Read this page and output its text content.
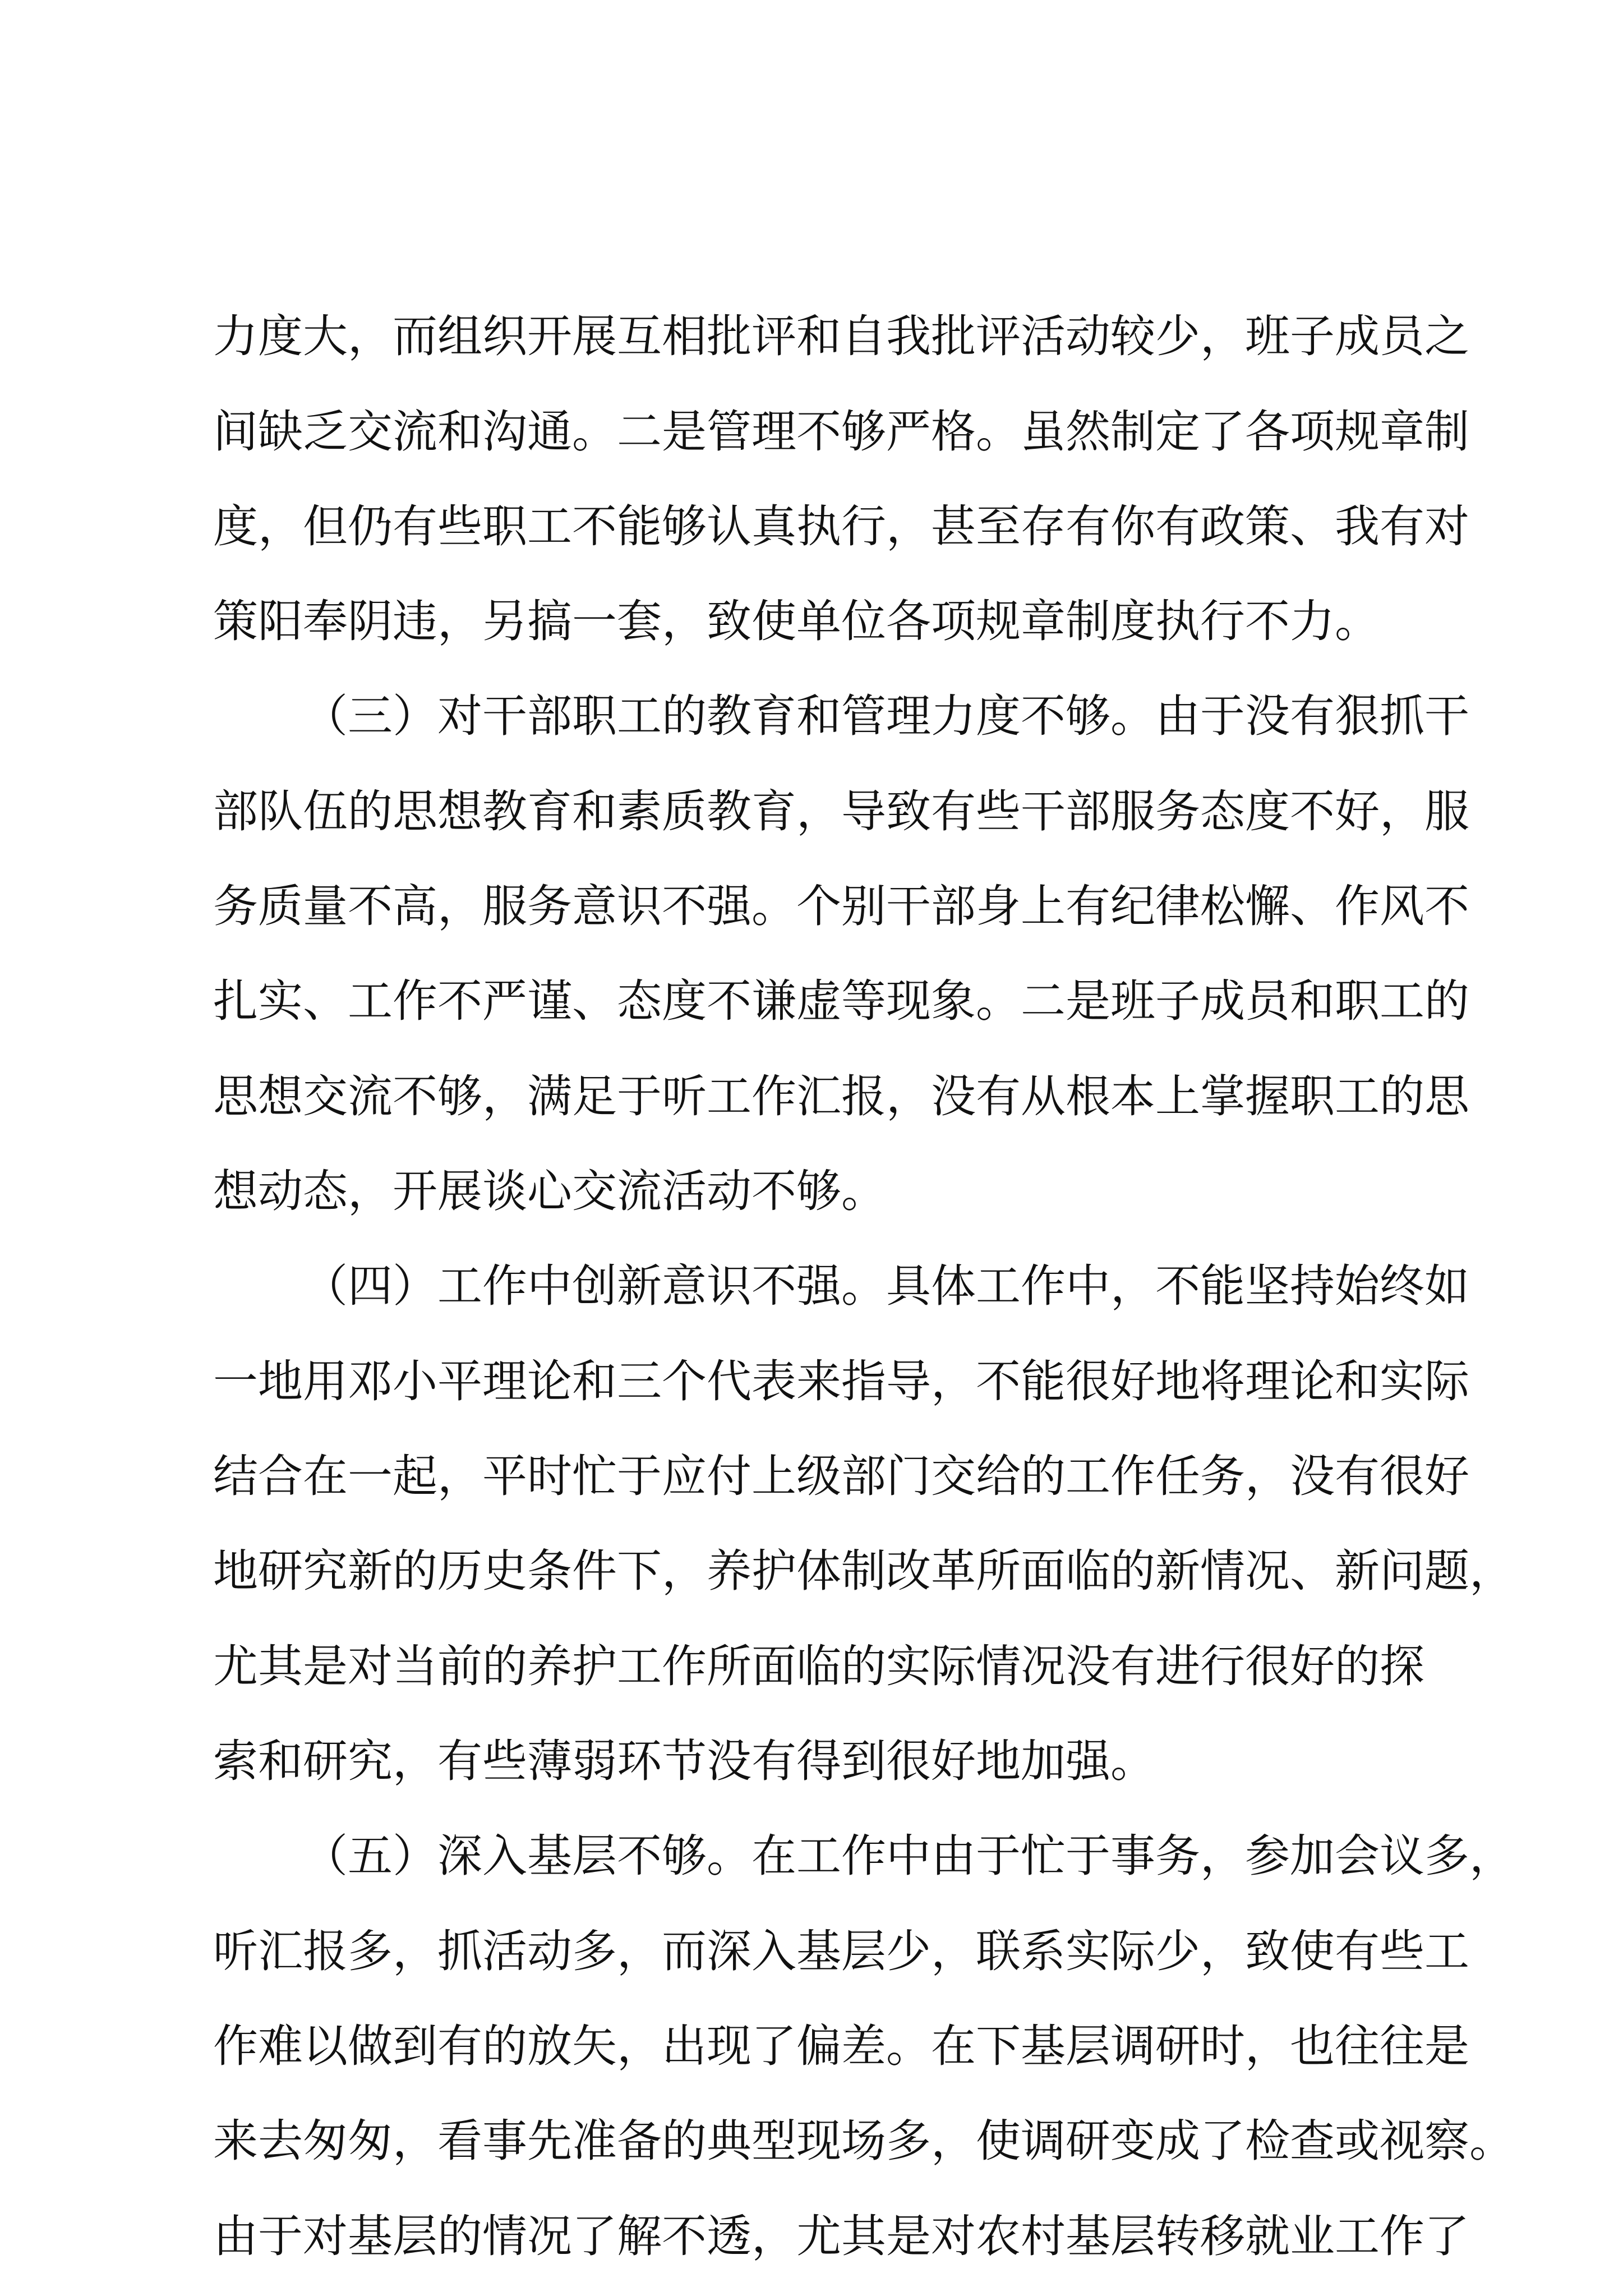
力度大，而组织开展互相批评和自我批评活动较少，班子成员之
间缺乏交流和沟通。二是管理不够严格。虽然制定了各项规章制
度，但仍有些职工不能够认真执行，甚至存有你有政策、我有对
策阳奉阴违，另搞一套，致使单位各项规章制度执行不力。
（三）对干部职工的教育和管理力度不够。由于没有狠抓干
部队伍的思想教育和素质教育，导致有些干部服务态度不好，服
务质量不高，服务意识不强。个别干部身上有纪律松懈、作风不
扎实、工作不严谨、态度不谦虚等现象。二是班子成员和职工的
思想交流不够，满足于听工作汇报，没有从根本上掌握职工的思
想动态，开展谈心交流活动不够。
（四）工作中创新意识不强。具体工作中，不能坚持始终如
一地用邓小平理论和三个代表来指导，不能很好地将理论和实际
结合在一起，平时忙于应付上级部门交给的工作任务，没有很好
地研究新的历史条件下，养护体制改革所面临的新情况、新问题，
尤其是对当前的养护工作所面临的实际情况没有进行很好的探
索和研究，有些薄弱环节没有得到很好地加强。
（五）深入基层不够。在工作中由于忙于事务，参加会议多，
听汇报多，抓活动多，而深入基层少，联系实际少，致使有些工
作难以做到有的放矢，出现了偏差。在下基层调研时，也往往是
来去匆匆，看事先准备的典型现场多，使调研变成了检查或视察。
由于对基层的情况了解不透，尤其是对农村基层转移就业工作了
